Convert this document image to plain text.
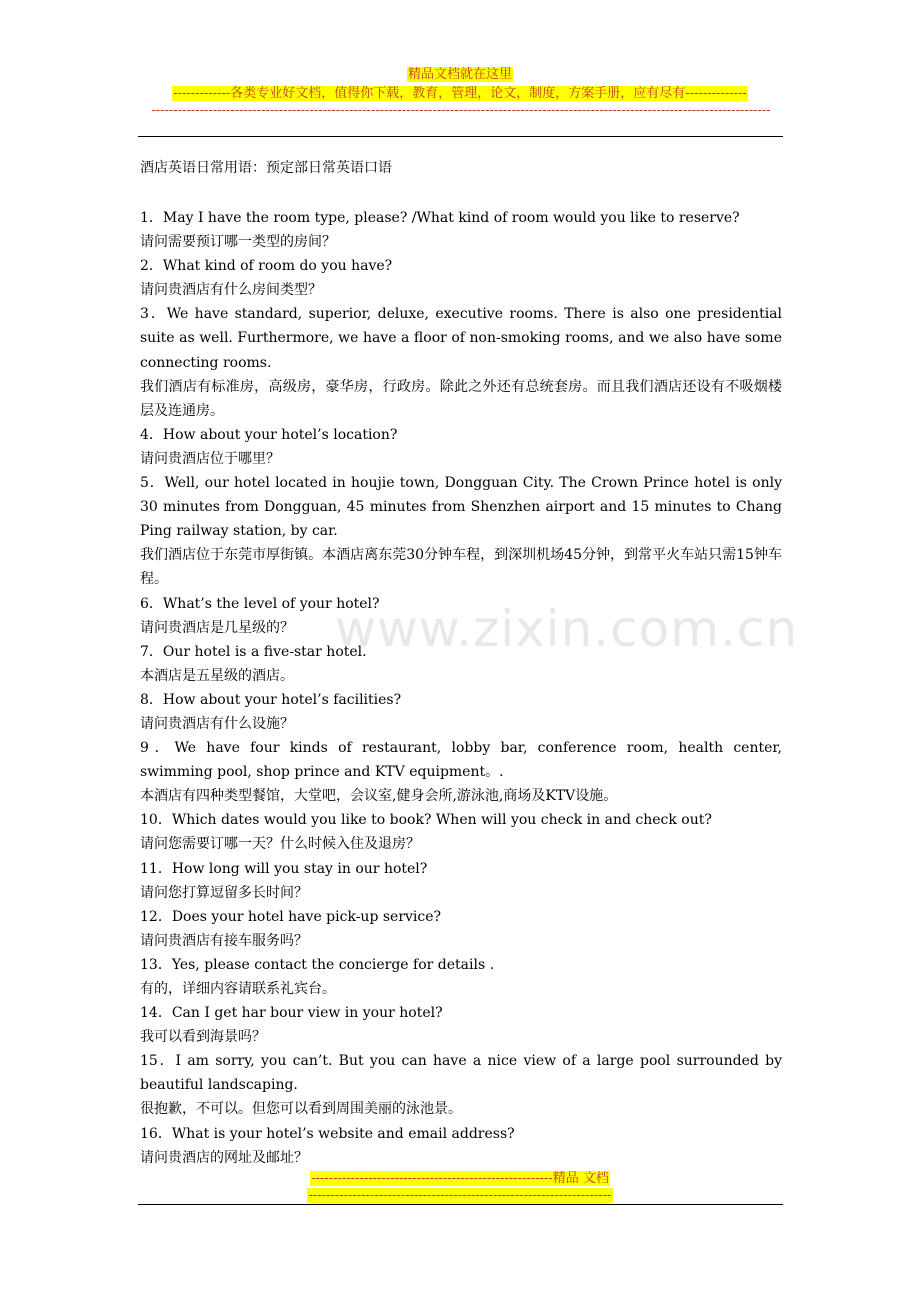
精品文档就在这里
-------------各类专业好文档，值得你下载，教育，管理，论文，制度，方案手册，应有尽有--------------
---------------------------------------------------------------------------------------------------------------------------------------------
酒店英语日常用语：预定部日常英语口语

1．May I have the room type, please? /What kind of room would you like to reserve?

请问需要预订哪一类型的房间？

2．What kind of room do you have?

请问贵酒店有什么房间类型？

3．We have standard, superior, deluxe, executive rooms. There is also one presidential suite as well. Furthermore, we have a floor of non-smoking rooms, and we also have some connecting rooms.

我们酒店有标准房，高级房，豪华房，行政房。除此之外还有总统套房。而且我们酒店还设有不吸烟楼层及连通房。

4．How about your hotel’s location?

请问贵酒店位于哪里？

5．Well, our hotel located in houjie town, Dongguan City. The Crown Prince hotel is only 30 minutes from Dongguan, 45 minutes from Shenzhen airport and 15 minutes to Chang Ping railway station, by car.

我们酒店位于东莞市厚街镇。本酒店离东莞30分钟车程，到深圳机场45分钟，到常平火车站只需15钟车程。

6．What’s the level of your hotel?

请问贵酒店是几星级的？

7．Our hotel is a five-star hotel.

本酒店是五星级的酒店。

8．How about your hotel’s facilities?

请问贵酒店有什么设施？

9．We have four kinds of restaurant, lobby bar, conference room, health center, swimming pool, shop prince and KTV equipment。.

本酒店有四种类型餐馆，大堂吧，会议室,健身会所,游泳池,商场及KTV设施。

10．Which dates would you like to book? When will you check in and check out?

请问您需要订哪一天？什么时候入住及退房？

11．How long will you stay in our hotel?

请问您打算逗留多长时间？

12．Does your hotel have pick-up service?

请问贵酒店有接车服务吗？

13．Yes, please contact the concierge for details .

有的，详细内容请联系礼宾台。

14．Can I get har bour view in your hotel?

我可以看到海景吗？

15．I am sorry, you can’t. But you can have a nice view of a large pool surrounded by beautiful landscaping.

很抱歉，不可以。但您可以看到周围美丽的泳池景。

16．What is your hotel’s website and email address?

请问贵酒店的网址及邮址？

www.zixin.com.cn
-------------------------------------------------------精品 文档
---------------------------------------------------------------------
